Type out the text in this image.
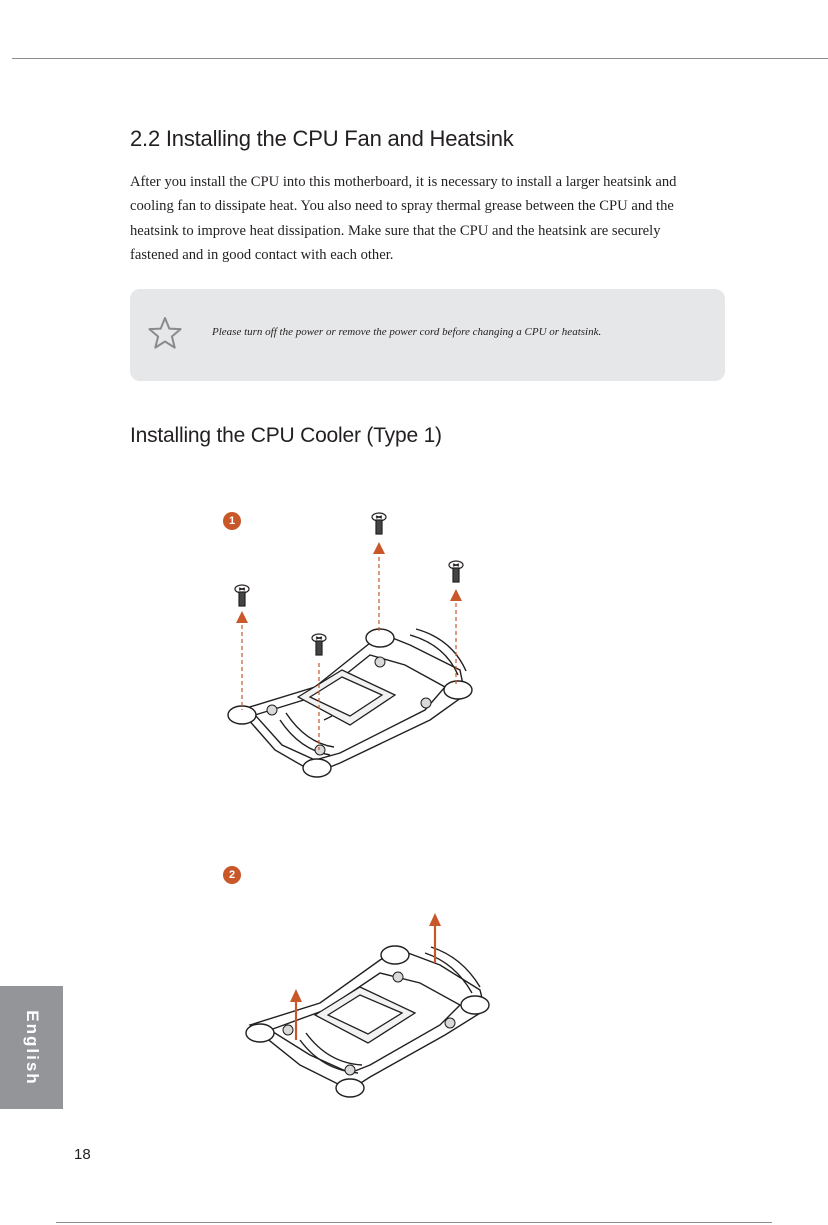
2.2 Installing the CPU Fan and Heatsink

After you install the CPU into this motherboard, it is necessary to install a larger heatsink and cooling fan to dissipate heat. You also need to spray thermal grease between the CPU and the heatsink to improve heat dissipation. Make sure that the CPU and the heatsink are securely fastened and in good contact with each other.

Please turn off the power or remove the power cord before changing a CPU or heatsink.
Installing the CPU Cooler (Type 1)
1
2
English
18
